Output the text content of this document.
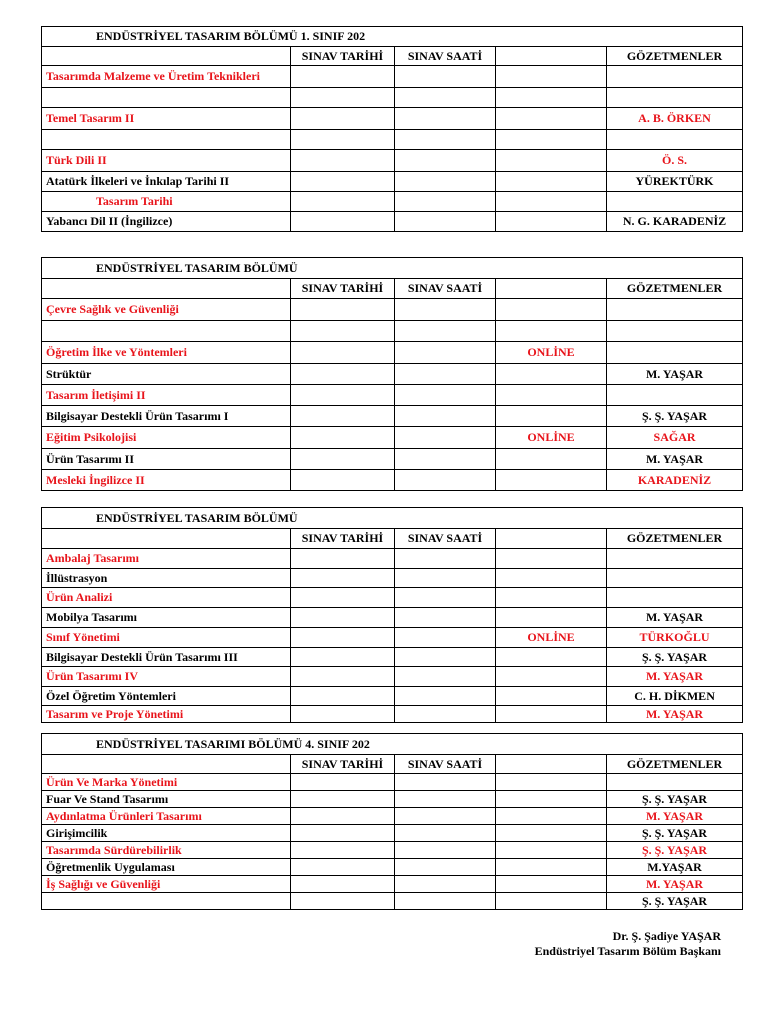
ENDÜSTRİYEL TASARIM BÖLÜMÜ 1. SINIF 202				
	SINAV TARİHİ	SINAV SAATİ		GÖZETMENLER
Tasarımda Malzeme ve Üretim Teknikleri				

Temel Tasarım II				A. B. ÖRKEN

Türk Dili II				Ö. S.
Atatürk İlkeleri ve İnkılap Tarihi II				YÜREKTÜRK
Tasarım Tarihi				
Yabancı Dil II (İngilizce)				N. G. KARADENİZ
ENDÜSTRİYEL TASARIM BÖLÜMÜ				
	SINAV TARİHİ	SINAV SAATİ		GÖZETMENLER
Çevre Sağlık ve Güvenliği				

Öğretim İlke ve Yöntemleri			ONLİNE	
Strüktür				M. YAŞAR
Tasarım İletişimi II				
Bilgisayar Destekli Ürün Tasarımı I				Ş. Ş. YAŞAR
Eğitim Psikolojisi			ONLİNE	SAĞAR
Ürün Tasarımı II				M. YAŞAR
Mesleki İngilizce II				KARADENİZ
ENDÜSTRİYEL TASARIM BÖLÜMÜ				
	SINAV TARİHİ	SINAV SAATİ		GÖZETMENLER
Ambalaj Tasarımı				
İllüstrasyon				
Ürün Analizi				
Mobilya Tasarımı				M. YAŞAR
Sınıf Yönetimi			ONLİNE	TÜRKOĞLU
Bilgisayar Destekli Ürün Tasarımı III				Ş. Ş. YAŞAR
Ürün Tasarımı IV				M. YAŞAR
Özel Öğretim Yöntemleri				C. H. DİKMEN
Tasarım ve Proje Yönetimi				M. YAŞAR
ENDÜSTRİYEL TASARIMI BÖLÜMÜ 4. SINIF 202				
	SINAV TARİHİ	SINAV SAATİ		GÖZETMENLER
Ürün Ve Marka Yönetimi				
Fuar Ve Stand Tasarımı				Ş. Ş. YAŞAR
Aydınlatma Ürünleri Tasarımı				M. YAŞAR
Girişimcilik				Ş. Ş. YAŞAR
Tasarımda Sürdürebilirlik				Ş. Ş. YAŞAR
Öğretmenlik Uygulaması				M.YAŞAR
İş Sağlığı ve Güvenliği				M. YAŞAR
				Ş. Ş. YAŞAR
Dr. Ş. Şadiye YAŞAR
Endüstriyel Tasarım Bölüm Başkanı
